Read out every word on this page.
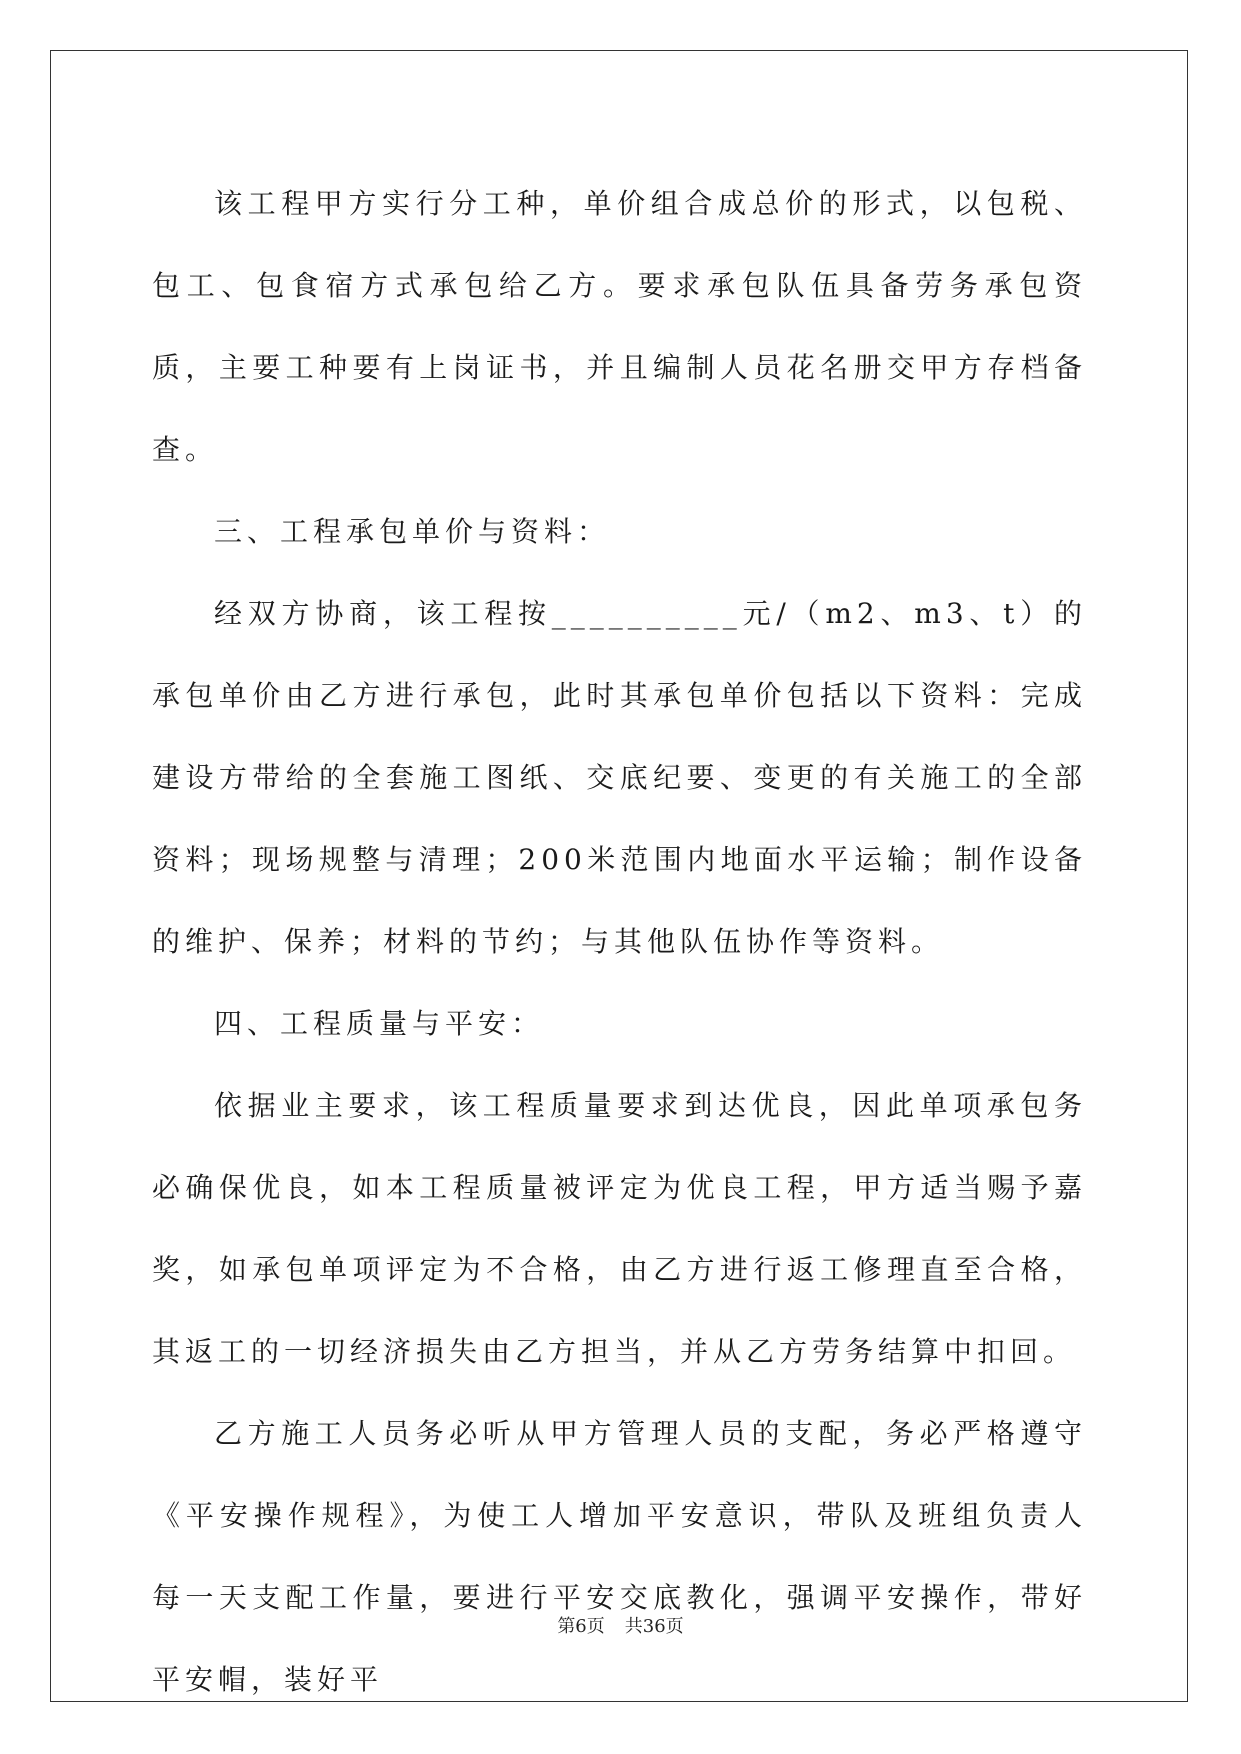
该工程甲方实行分工种，单价组合成总价的形式，以包税、包工、包食宿方式承包给乙方。要求承包队伍具备劳务承包资质，主要工种要有上岗证书，并且编制人员花名册交甲方存档备查。

三、工程承包单价与资料：

经双方协商，该工程按__________元/（m2、m3、t）的承包单价由乙方进行承包，此时其承包单价包括以下资料：完成建设方带给的全套施工图纸、交底纪要、变更的有关施工的全部资料；现场规整与清理；200米范围内地面水平运输；制作设备的维护、保养；材料的节约；与其他队伍协作等资料。

四、工程质量与平安：

依据业主要求，该工程质量要求到达优良，因此单项承包务必确保优良，如本工程质量被评定为优良工程，甲方适当赐予嘉奖，如承包单项评定为不合格，由乙方进行返工修理直至合格，其返工的一切经济损失由乙方担当，并从乙方劳务结算中扣回。

乙方施工人员务必听从甲方管理人员的支配，务必严格遵守《平安操作规程》，为使工人增加平安意识，带队及班组负责人每一天支配工作量，要进行平安交底教化，强调平安操作，带好平安帽，装好平

第6页 共36页
